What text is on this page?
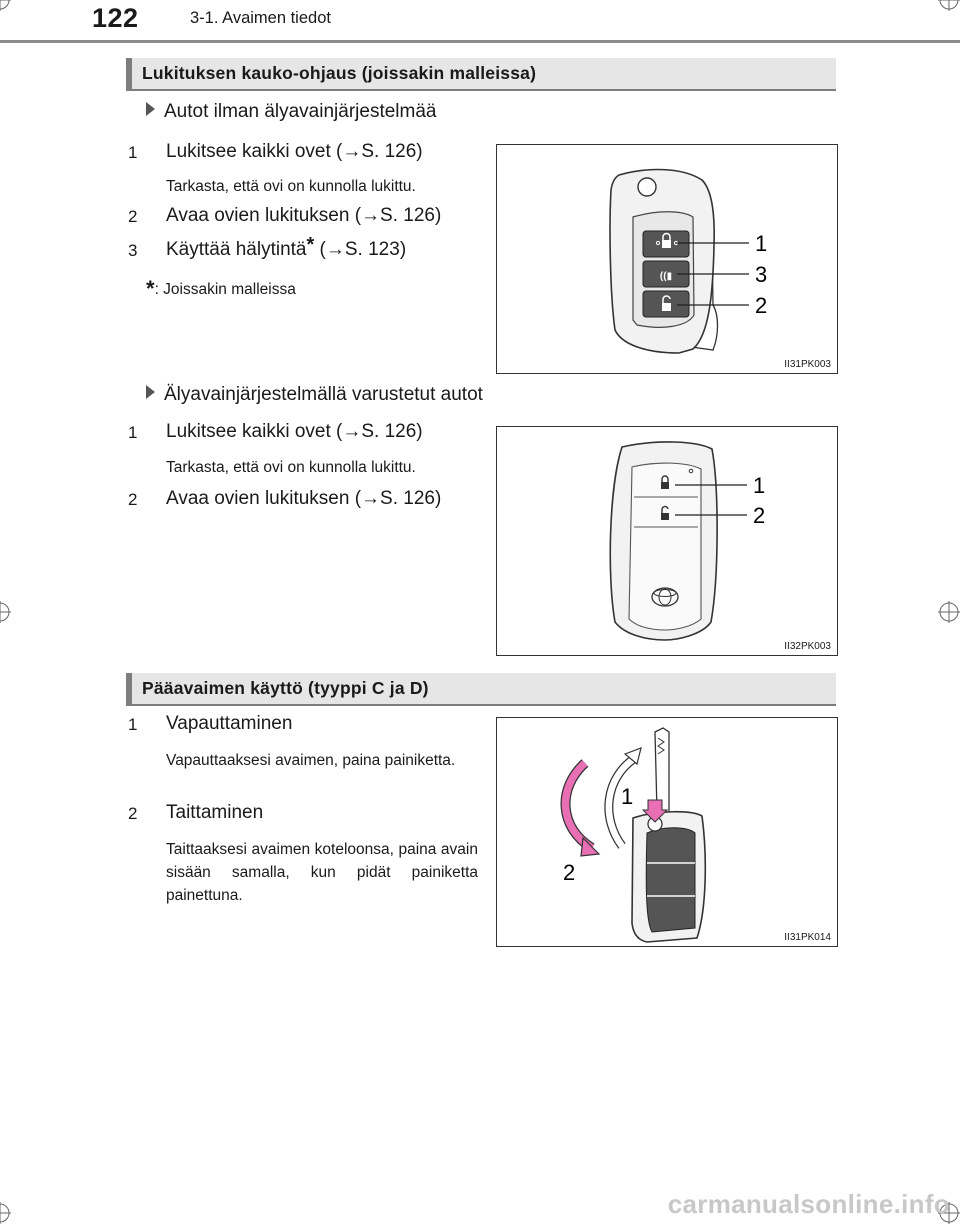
122	3-1. Avaimen tiedot
Lukituksen kauko-ohjaus (joissakin malleissa)
Autot ilman älyavainjärjestelmää
1	Lukitsee kaikki ovet (→S. 126)
Tarkasta, että ovi on kunnolla lukittu.
2	Avaa ovien lukituksen (→S. 126)
3	Käyttää hälytintä* (→S. 123)
*: Joissakin malleissa
((▮
1
3
2
II31PK003
Älyavainjärjestelmällä varustetut autot
1	Lukitsee kaikki ovet (→S. 126)
Tarkasta, että ovi on kunnolla lukittu.
2	Avaa ovien lukituksen (→S. 126)
1
2
II32PK003
Pääavaimen käyttö (tyyppi C ja D)
1	Vapauttaminen
Vapauttaaksesi avaimen, paina painiketta.
2	Taittaminen
Taittaaksesi avaimen koteloonsa, paina avain sisään samalla, kun pidät painiketta painettuna.
1
2
II31PK014
carmanualsonline.info
